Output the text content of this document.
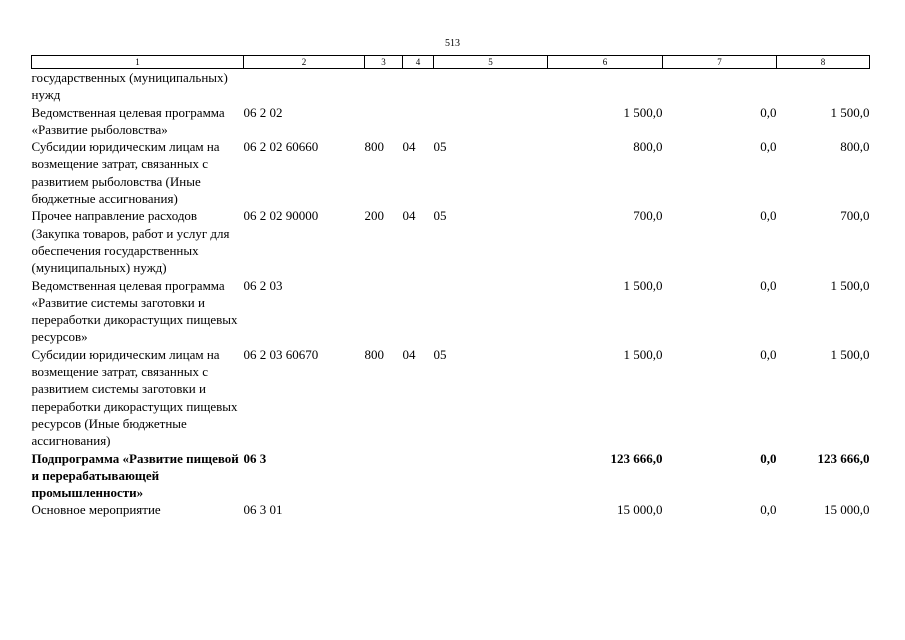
513
1	2	3	4	5	6	7	8
государственных (муниципальных) нужд							
Ведомственная целевая программа «Развитие рыболовства»	06 2 02				1 500,0	0,0	1 500,0
Субсидии юридическим лицам на возмещение затрат, связанных с развитием рыболовства (Иные бюджетные ассигнования)	06 2 02 60660	800	04	05	800,0	0,0	800,0
Прочее направление расходов (Закупка товаров, работ и услуг для обеспечения государственных (муниципальных) нужд)	06 2 02 90000	200	04	05	700,0	0,0	700,0
Ведомственная целевая программа «Развитие системы заготовки и переработки дикорастущих пищевых ресурсов»	06 2 03				1 500,0	0,0	1 500,0
Субсидии юридическим лицам на возмещение затрат, связанных с развитием системы заготовки и переработки дикорастущих пищевых ресурсов (Иные бюджетные ассигнования)	06 2 03 60670	800	04	05	1 500,0	0,0	1 500,0
Подпрограмма «Развитие пищевой и перерабатывающей промышленности»	06 3				123 666,0	0,0	123 666,0
Основное мероприятие	06 3 01				15 000,0	0,0	15 000,0
